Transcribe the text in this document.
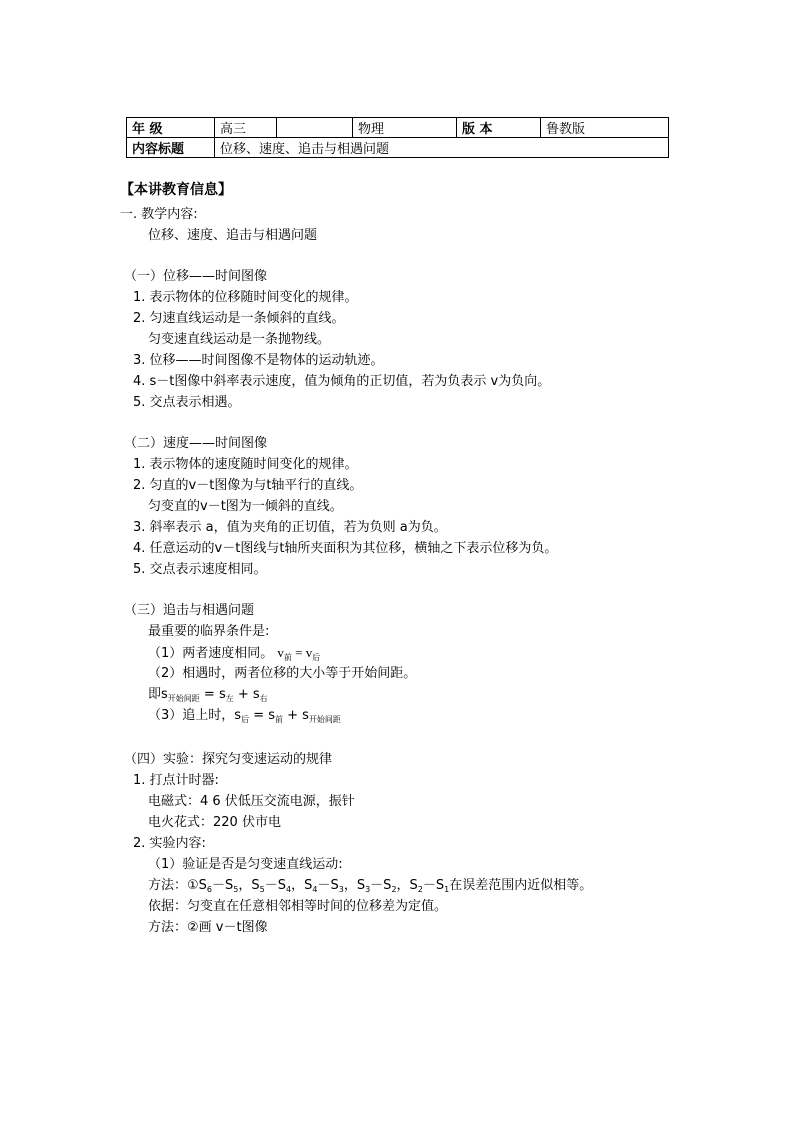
年 级	高三		物理	版 本	鲁教版
内容标题	位移、速度、追击与相遇问题				
【本讲教育信息】
一. 教学内容:
位移、速度、追击与相遇问题
（一）位移——时间图像
1. 表示物体的位移随时间变化的规律。
2. 匀速直线运动是一条倾斜的直线。
匀变速直线运动是一条抛物线。
3. 位移——时间图像不是物体的运动轨迹。
4. s－t图像中斜率表示速度，值为倾角的正切值，若为负表示 v为负向。
5. 交点表示相遇。
（二）速度——时间图像
1. 表示物体的速度随时间变化的规律。
2. 匀直的v－t图像为与t轴平行的直线。
匀变直的v－t图为一倾斜的直线。
3. 斜率表示 a，值为夹角的正切值，若为负则 a为负。
4. 任意运动的v－t图线与t轴所夹面积为其位移，横轴之下表示位移为负。
5. 交点表示速度相同。
（三）追击与相遇问题
最重要的临界条件是:
（1）两者速度相同。 $v_前 = v_后$
（2）相遇时，两者位移的大小等于开始间距。
即$s_{开始间距} = s_左 + s_右$
（3）追上时，$s_后 = s_前 + s_{开始间距}$
（四）实验：探究匀变速运动的规律
1. 打点计时器:
电磁式：4 6 伏低压交流电源，振针
电火花式：220 伏市电
2. 实验内容:
（1）验证是否是匀变速直线运动:
方法：$①S_6-S_5$，$S_5-S_4$，$S_4-S_3$，$S_3-S_2$，$S_2-S_1$在误差范围内近似相等。
依据：匀变直在任意相邻相等时间的位移差为定值。
方法：②画 v－t图像
